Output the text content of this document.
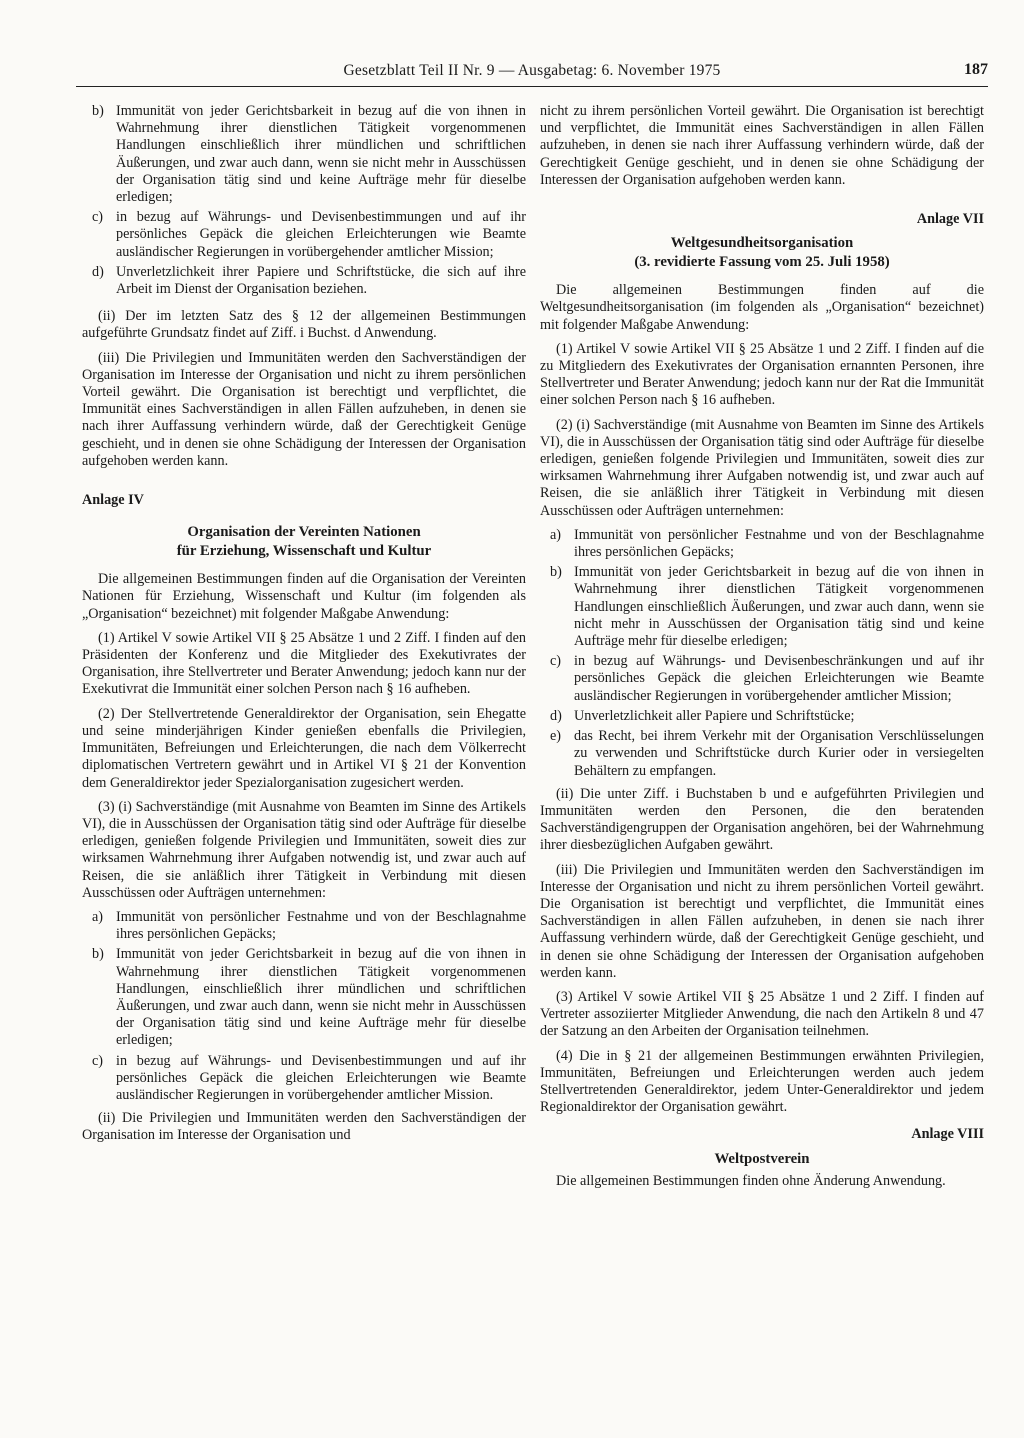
Gesetzblatt Teil II Nr. 9 — Ausgabetag: 6. November 1975	187
b) Immunität von jeder Gerichtsbarkeit in bezug auf die von ihnen in Wahrnehmung ihrer dienstlichen Tätigkeit vorgenommenen Handlungen einschließlich ihrer mündlichen und schriftlichen Äußerungen, und zwar auch dann, wenn sie nicht mehr in Ausschüssen der Organisation tätig sind und keine Aufträge mehr für dieselbe erledigen;
c) in bezug auf Währungs- und Devisenbestimmungen und auf ihr persönliches Gepäck die gleichen Erleichterungen wie Beamte ausländischer Regierungen in vorübergehender amtlicher Mission;
d) Unverletzlichkeit ihrer Papiere und Schriftstücke, die sich auf ihre Arbeit im Dienst der Organisation beziehen.

(ii) Der im letzten Satz des § 12 der allgemeinen Bestimmungen aufgeführte Grundsatz findet auf Ziff. i Buchst. d Anwendung.

(iii) Die Privilegien und Immunitäten werden den Sachverständigen der Organisation im Interesse der Organisation und nicht zu ihrem persönlichen Vorteil gewährt. Die Organisation ist berechtigt und verpflichtet, die Immunität eines Sachverständigen in allen Fällen aufzuheben, in denen sie nach ihrer Auffassung verhindern würde, daß der Gerechtigkeit Genüge geschieht, und in denen sie ohne Schädigung der Interessen der Organisation aufgehoben werden kann.

Anlage IV
Organisation der Vereinten Nationen
für Erziehung, Wissenschaft und Kultur

Die allgemeinen Bestimmungen finden auf die Organisation der Vereinten Nationen für Erziehung, Wissenschaft und Kultur (im folgenden als „Organisation“ bezeichnet) mit folgender Maßgabe Anwendung:

(1) Artikel V sowie Artikel VII § 25 Absätze 1 und 2 Ziff. I finden auf den Präsidenten der Konferenz und die Mitglieder des Exekutivrates der Organisation, ihre Stellvertreter und Berater Anwendung; jedoch kann nur der Exekutivrat die Immunität einer solchen Person nach § 16 aufheben.

(2) Der Stellvertretende Generaldirektor der Organisation, sein Ehegatte und seine minderjährigen Kinder genießen ebenfalls die Privilegien, Immunitäten, Befreiungen und Erleichterungen, die nach dem Völkerrecht diplomatischen Vertretern gewährt und in Artikel VI § 21 der Konvention dem Generaldirektor jeder Spezialorganisation zugesichert werden.

(3) (i) Sachverständige (mit Ausnahme von Beamten im Sinne des Artikels VI), die in Ausschüssen der Organisation tätig sind oder Aufträge für dieselbe erledigen, genießen folgende Privilegien und Immunitäten, soweit dies zur wirksamen Wahrnehmung ihrer Aufgaben notwendig ist, und zwar auch auf Reisen, die sie anläßlich ihrer Tätigkeit in Verbindung mit diesen Ausschüssen oder Aufträgen unternehmen:

a) Immunität von persönlicher Festnahme und von der Beschlagnahme ihres persönlichen Gepäcks;
b) Immunität von jeder Gerichtsbarkeit in bezug auf die von ihnen in Wahrnehmung ihrer dienstlichen Tätigkeit vorgenommenen Handlungen, einschließlich ihrer mündlichen und schriftlichen Äußerungen, und zwar auch dann, wenn sie nicht mehr in Ausschüssen der Organisation tätig sind und keine Aufträge mehr für dieselbe erledigen;
c) in bezug auf Währungs- und Devisenbestimmungen und auf ihr persönliches Gepäck die gleichen Erleichterungen wie Beamte ausländischer Regierungen in vorübergehender amtlicher Mission.

(ii) Die Privilegien und Immunitäten werden den Sachverständigen der Organisation im Interesse der Organisation und

nicht zu ihrem persönlichen Vorteil gewährt. Die Organisation ist berechtigt und verpflichtet, die Immunität eines Sachverständigen in allen Fällen aufzuheben, in denen sie nach ihrer Auffassung verhindern würde, daß der Gerechtigkeit Genüge geschieht, und in denen sie ohne Schädigung der Interessen der Organisation aufgehoben werden kann.

Anlage VII
Weltgesundheitsorganisation
(3. revidierte Fassung vom 25. Juli 1958)

Die allgemeinen Bestimmungen finden auf die Weltgesundheitsorganisation (im folgenden als „Organisation“ bezeichnet) mit folgender Maßgabe Anwendung:

(1) Artikel V sowie Artikel VII § 25 Absätze 1 und 2 Ziff. I finden auf die zu Mitgliedern des Exekutivrates der Organisation ernannten Personen, ihre Stellvertreter und Berater Anwendung; jedoch kann nur der Rat die Immunität einer solchen Person nach § 16 aufheben.

(2) (i) Sachverständige (mit Ausnahme von Beamten im Sinne des Artikels VI), die in Ausschüssen der Organisation tätig sind oder Aufträge für dieselbe erledigen, genießen folgende Privilegien und Immunitäten, soweit dies zur wirksamen Wahrnehmung ihrer Aufgaben notwendig ist, und zwar auch auf Reisen, die sie anläßlich ihrer Tätigkeit in Verbindung mit diesen Ausschüssen oder Aufträgen unternehmen:

a) Immunität von persönlicher Festnahme und von der Beschlagnahme ihres persönlichen Gepäcks;
b) Immunität von jeder Gerichtsbarkeit in bezug auf die von ihnen in Wahrnehmung ihrer dienstlichen Tätigkeit vorgenommenen Handlungen einschließlich Äußerungen, und zwar auch dann, wenn sie nicht mehr in Ausschüssen der Organisation tätig sind und keine Aufträge mehr für dieselbe erledigen;
c) in bezug auf Währungs- und Devisenbeschränkungen und auf ihr persönliches Gepäck die gleichen Erleichterungen wie Beamte ausländischer Regierungen in vorübergehender amtlicher Mission;
d) Unverletzlichkeit aller Papiere und Schriftstücke;
e) das Recht, bei ihrem Verkehr mit der Organisation Verschlüsselungen zu verwenden und Schriftstücke durch Kurier oder in versiegelten Behältern zu empfangen.

(ii) Die unter Ziff. i Buchstaben b und e aufgeführten Privilegien und Immunitäten werden den Personen, die den beratenden Sachverständigengruppen der Organisation angehören, bei der Wahrnehmung ihrer diesbezüglichen Aufgaben gewährt.

(iii) Die Privilegien und Immunitäten werden den Sachverständigen im Interesse der Organisation und nicht zu ihrem persönlichen Vorteil gewährt. Die Organisation ist berechtigt und verpflichtet, die Immunität eines Sachverständigen in allen Fällen aufzuheben, in denen sie nach ihrer Auffassung verhindern würde, daß der Gerechtigkeit Genüge geschieht, und in denen sie ohne Schädigung der Interessen der Organisation aufgehoben werden kann.

(3) Artikel V sowie Artikel VII § 25 Absätze 1 und 2 Ziff. I finden auf Vertreter assoziierter Mitglieder Anwendung, die nach den Artikeln 8 und 47 der Satzung an den Arbeiten der Organisation teilnehmen.

(4) Die in § 21 der allgemeinen Bestimmungen erwähnten Privilegien, Immunitäten, Befreiungen und Erleichterungen werden auch jedem Stellvertretenden Generaldirektor, jedem Unter-Generaldirektor und jedem Regionaldirektor der Organisation gewährt.

Anlage VIII
Weltpostverein

Die allgemeinen Bestimmungen finden ohne Änderung Anwendung.
